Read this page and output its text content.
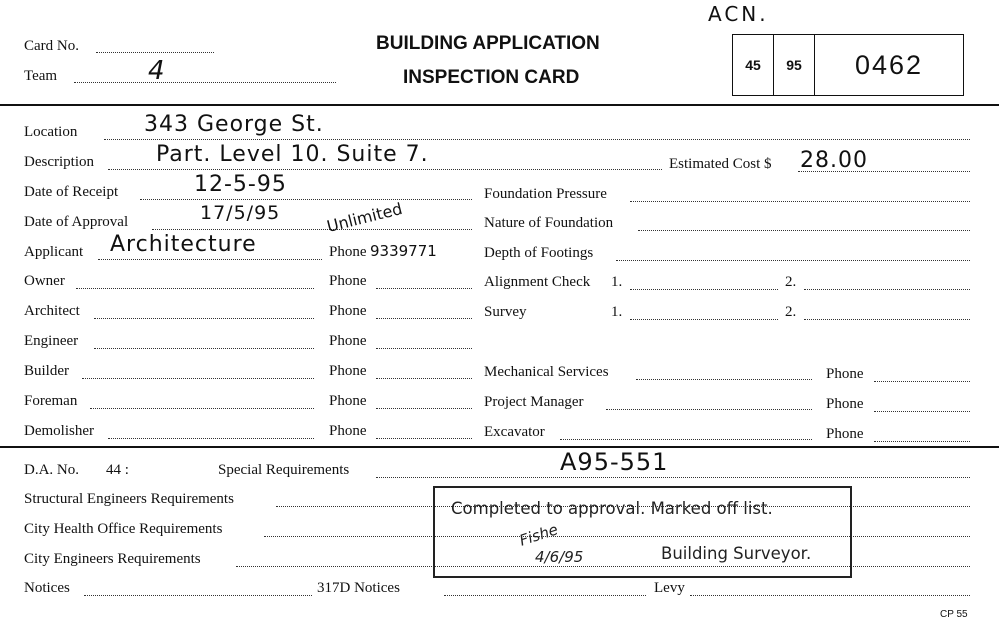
Card No.
Team	4
BUILDING APPLICATION
INSPECTION CARD
ACN.
45	95	0462
Location	343 George St.
Description	Part. Level 10. Suite 7.	Estimated Cost $ 28.00
Date of Receipt	12-5-95
Date of Approval	17/5/95	Unlimited
Applicant Architecture	Phone 9339771
Owner	Phone
Architect	Phone
Engineer	Phone
Builder	Phone
Foreman	Phone
Demolisher	Phone
Foundation Pressure
Nature of Foundation
Depth of Footings
Alignment Check 1.	2.
Survey	1.	2.
Mechanical Services	Phone
Project Manager	Phone
Excavator	Phone
D.A. No. 44 :	Special Requirements	A95-551
Structural Engineers Requirements
City Health Office Requirements
City Engineers Requirements
Notices	317D Notices	Levy
Completed to approval. Marked off list.
Fishe
4/6/95	Building Surveyor.
CP 55
